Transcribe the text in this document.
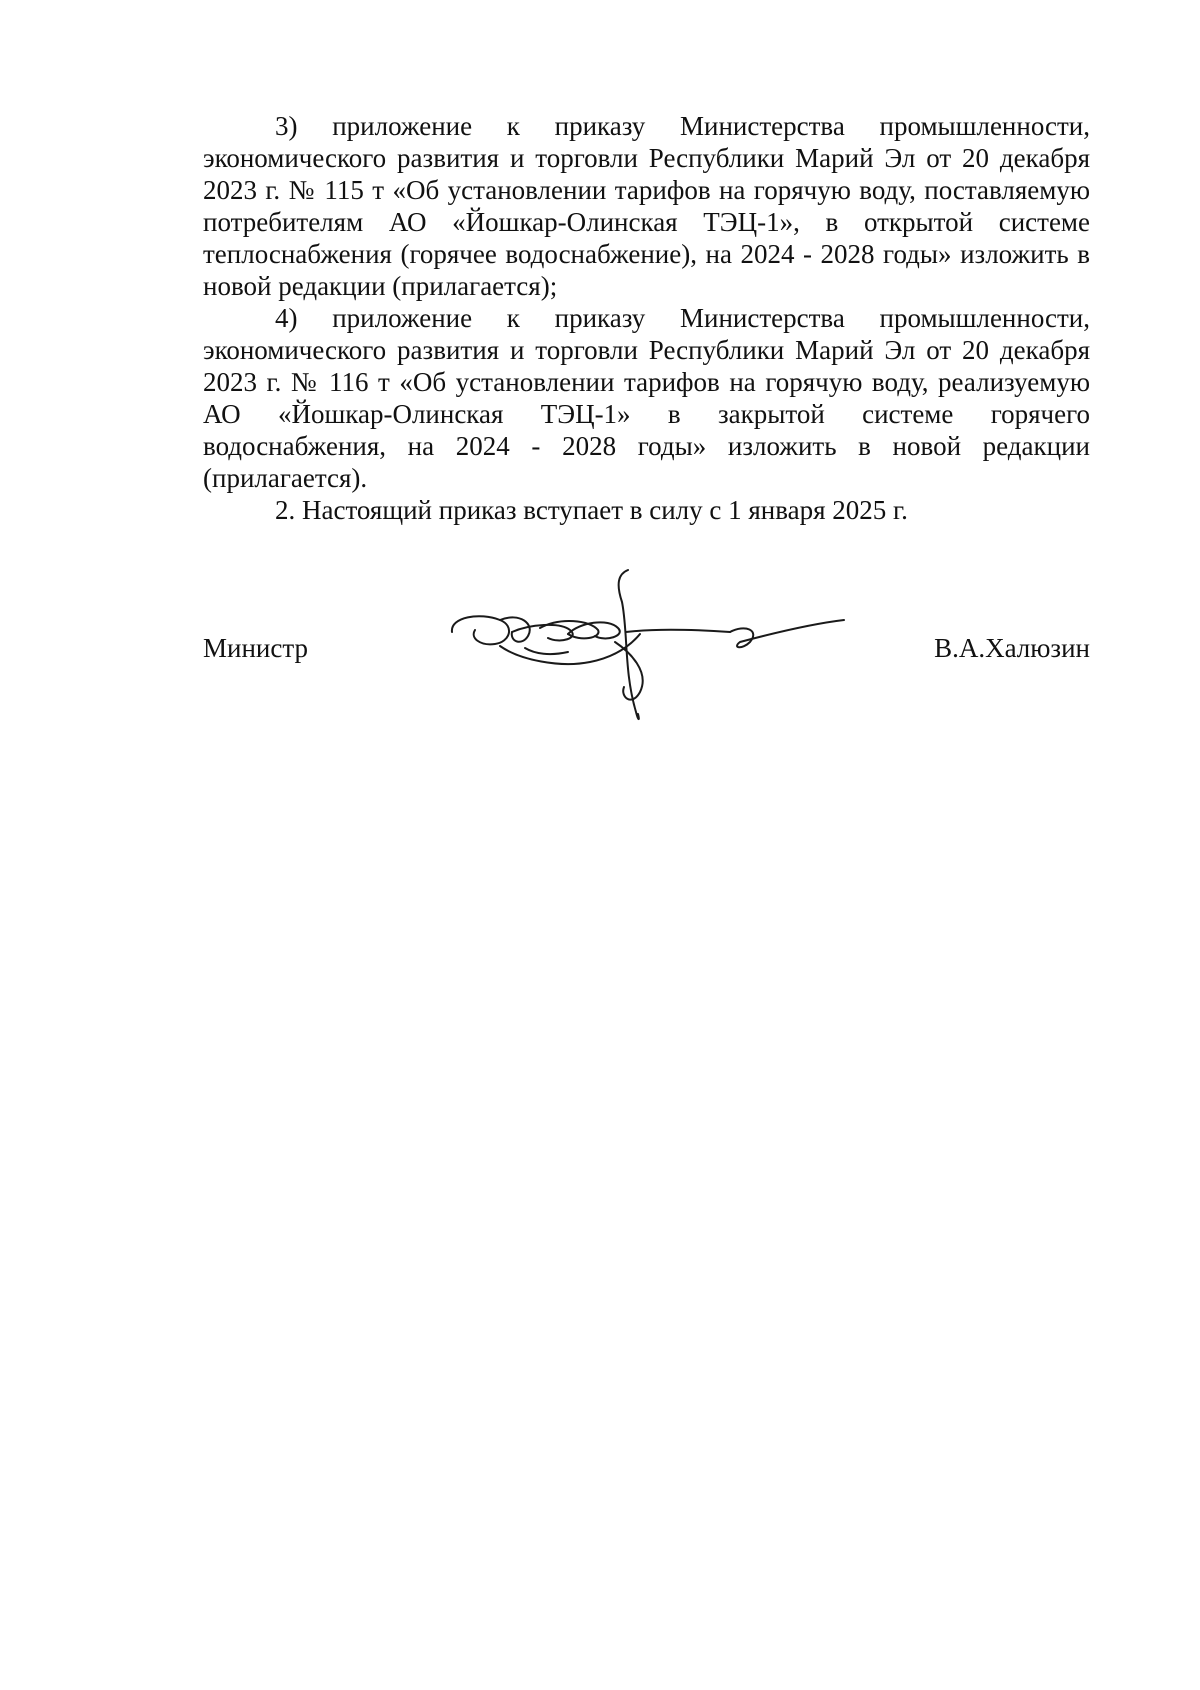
3) приложение к приказу Министерства промышленности, экономического развития и торговли Республики Марий Эл от 20 декабря 2023 г. № 115 т «Об установлении тарифов на горячую воду, поставляемую потребителям АО «Йошкар-Олинская ТЭЦ-1», в открытой системе теплоснабжения (горячее водоснабжение), на 2024 - 2028 годы» изложить в новой редакции (прилагается);

4) приложение к приказу Министерства промышленности, экономического развития и торговли Республики Марий Эл от 20 декабря 2023 г. № 116 т «Об установлении тарифов на горячую воду, реализуемую АО «Йошкар-Олинская ТЭЦ-1» в закрытой системе горячего водоснабжения, на 2024 - 2028 годы» изложить в новой редакции (прилагается).

2. Настоящий приказ вступает в силу с 1 января 2025 г.

Министр	В.А.Халюзин
